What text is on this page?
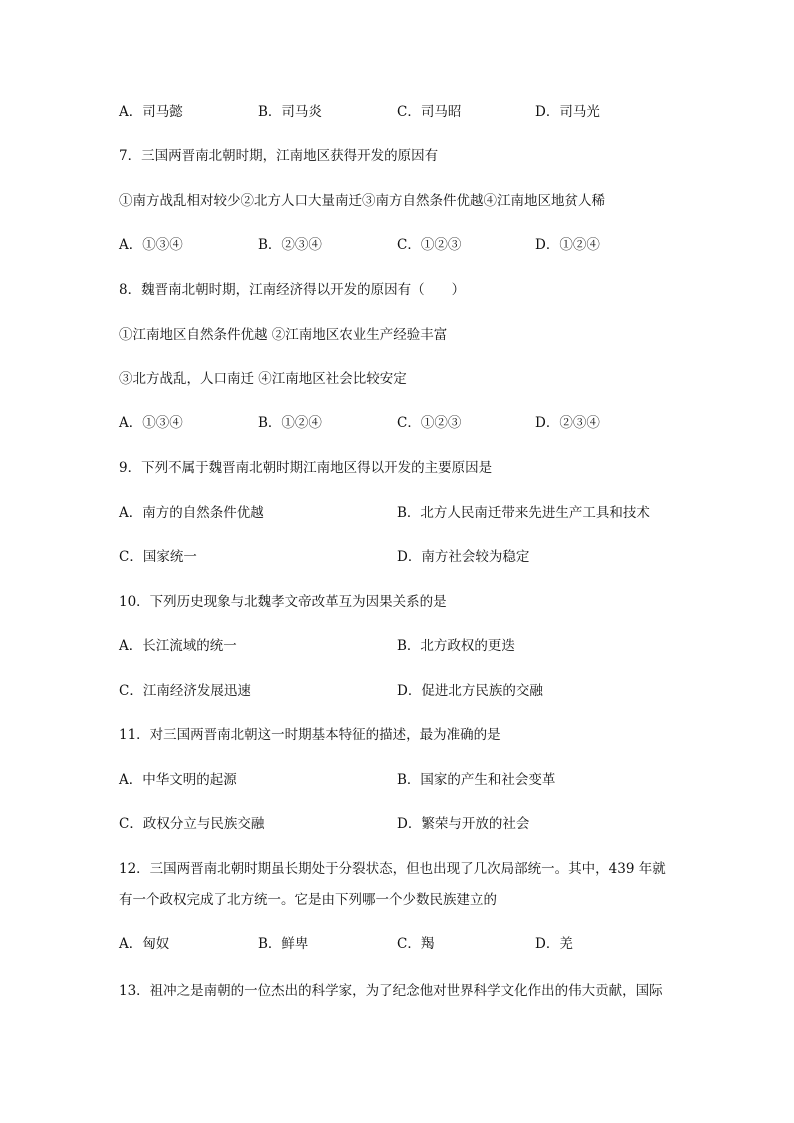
A．司马懿	B．司马炎	C．司马昭	D．司马光
7．三国两晋南北朝时期，江南地区获得开发的原因有
①南方战乱相对较少②北方人口大量南迁③南方自然条件优越④江南地区地贫人稀
A．①③④	B．②③④	C．①②③	D．①②④
8．魏晋南北朝时期，江南经济得以开发的原因有（　　）
①江南地区自然条件优越 ②江南地区农业生产经验丰富
③北方战乱，人口南迁 ④江南地区社会比较安定
A．①③④	B．①②④	C．①②③	D．②③④
9．下列不属于魏晋南北朝时期江南地区得以开发的主要原因是
A．南方的自然条件优越	B．北方人民南迁带来先进生产工具和技术
C．国家统一	D．南方社会较为稳定
10．下列历史现象与北魏孝文帝改革互为因果关系的是
A．长江流域的统一	B．北方政权的更迭
C．江南经济发展迅速	D．促进北方民族的交融
11．对三国两晋南北朝这一时期基本特征的描述，最为准确的是
A．中华文明的起源	B．国家的产生和社会变革
C．政权分立与民族交融	D．繁荣与开放的社会
12．三国两晋南北朝时期虽长期处于分裂状态，但也出现了几次局部统一。其中，439 年就
有一个政权完成了北方统一。它是由下列哪一个少数民族建立的
A．匈奴	B．鲜卑	C．羯	D．羌
13．祖冲之是南朝的一位杰出的科学家，为了纪念他对世界科学文化作出的伟大贡献，国际
